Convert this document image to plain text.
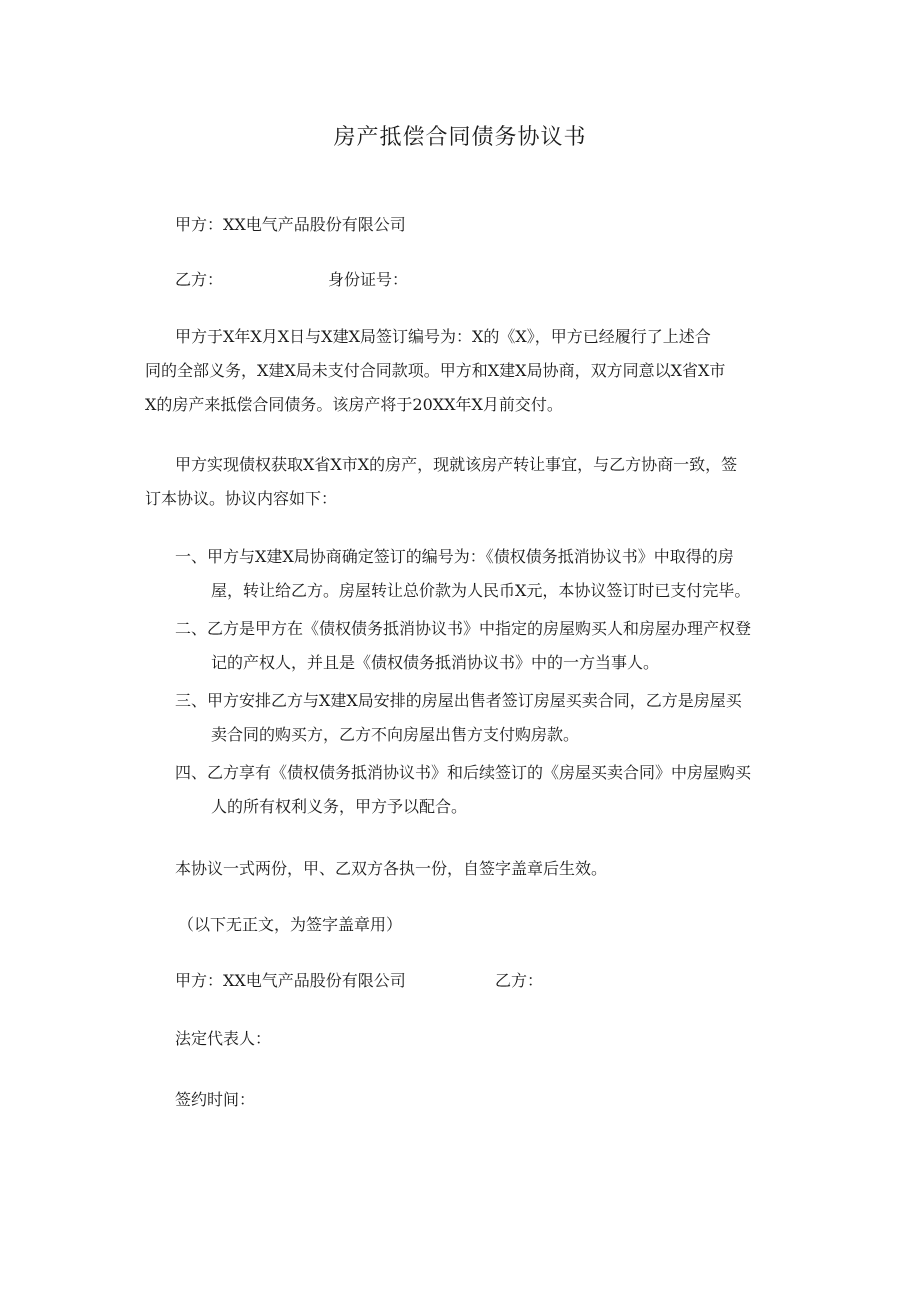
房产抵偿合同债务协议书
甲方：XX电气产品股份有限公司
乙方：	身份证号：
甲方于X年X月X日与X建X局签订编号为：X的《X》，甲方已经履行了上述合
同的全部义务，X建X局未支付合同款项。甲方和X建X局协商，双方同意以X省X市
X的房产来抵偿合同债务。该房产将于20XX年X月前交付。
甲方实现债权获取X省X市X的房产，现就该房产转让事宜，与乙方协商一致，签
订本协议。协议内容如下：
一、甲方与X建X局协商确定签订的编号为：《债权债务抵消协议书》中取得的房
屋，转让给乙方。房屋转让总价款为人民币X元，本协议签订时已支付完毕。
二、乙方是甲方在《债权债务抵消协议书》中指定的房屋购买人和房屋办理产权登
记的产权人，并且是《债权债务抵消协议书》中的一方当事人。
三、甲方安排乙方与X建X局安排的房屋出售者签订房屋买卖合同，乙方是房屋买
卖合同的购买方，乙方不向房屋出售方支付购房款。
四、乙方享有《债权债务抵消协议书》和后续签订的《房屋买卖合同》中房屋购买
人的所有权利义务，甲方予以配合。
本协议一式两份，甲、乙双方各执一份，自签字盖章后生效。
（以下无正文，为签字盖章用）
甲方：XX电气产品股份有限公司	乙方：
法定代表人：
签约时间：
